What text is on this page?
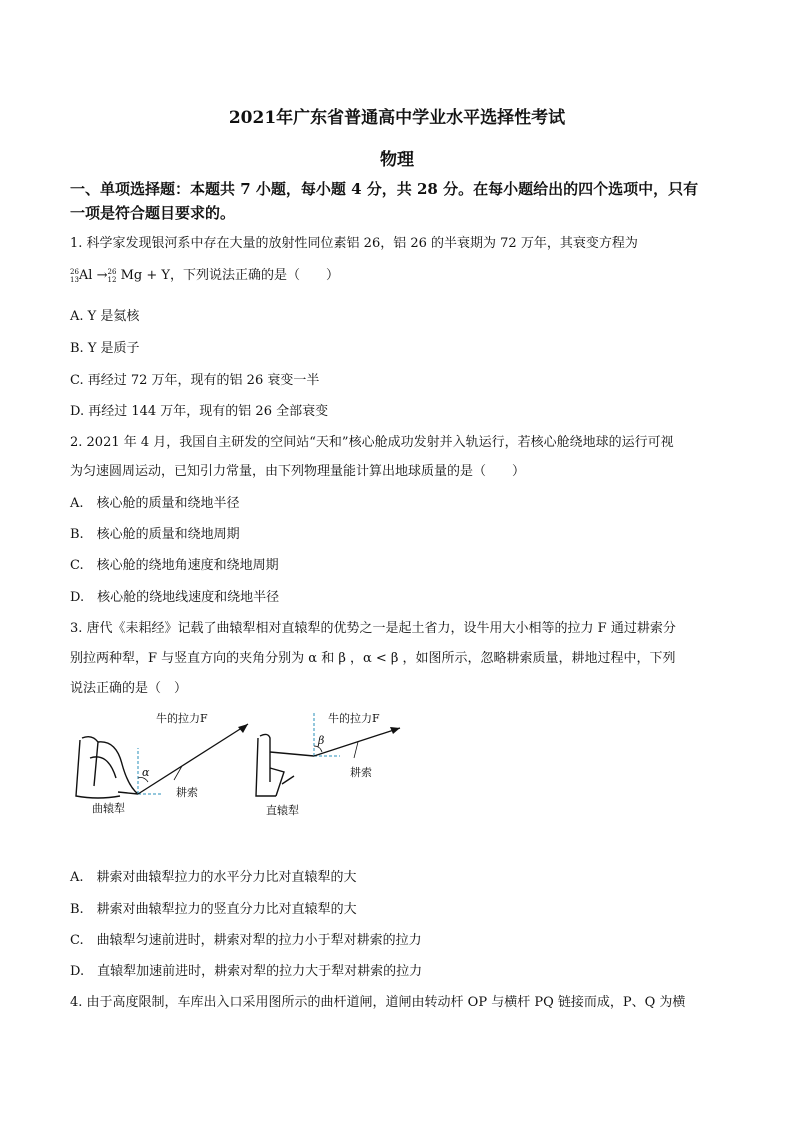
2021年广东省普通高中学业水平选择性考试
物理
一、单项选择题：本题共 7 小题，每小题 4 分，共 28 分。在每小题给出的四个选项中，只有
一项是符合题目要求的。
1. 科学家发现银河系中存在大量的放射性同位素铝 26，铝 26 的半衰期为 72 万年，其衰变方程为
26
13Al →26
12 Mg + Y，下列说法正确的是（　　）
A. Y 是氦核
B. Y 是质子
C. 再经过 72 万年，现有的铝 26 衰变一半
D. 再经过 144 万年，现有的铝 26 全部衰变
2. 2021 年 4 月，我国自主研发的空间站“天和”核心舱成功发射并入轨运行，若核心舱绕地球的运行可视
为匀速圆周运动，已知引力常量，由下列物理量能计算出地球质量的是（　　）
A.　核心舱的质量和绕地半径
B.　核心舱的质量和绕地周期
C.　核心舱的绕地角速度和绕地周期
D.　核心舱的绕地线速度和绕地半径
3. 唐代《耒耜经》记载了曲辕犁相对直辕犁的优势之一是起土省力，设牛用大小相等的拉力 F 通过耕索分
别拉两种犁，F 与竖直方向的夹角分别为 α 和 β ，α < β ，如图所示，忽略耕索质量，耕地过程中，下列
说法正确的是（　）
牛的拉力F
α
耕索
曲辕犁
牛的拉力F
β
耕索
直辕犁
A.　耕索对曲辕犁拉力的水平分力比对直辕犁的大
B.　耕索对曲辕犁拉力的竖直分力比对直辕犁的大
C.　曲辕犁匀速前进时，耕索对犁的拉力小于犁对耕索的拉力
D.　直辕犁加速前进时，耕索对犁的拉力大于犁对耕索的拉力
4. 由于高度限制，车库出入口采用图所示的曲杆道闸，道闸由转动杆 OP 与横杆 PQ 链接而成，P、Q 为横
